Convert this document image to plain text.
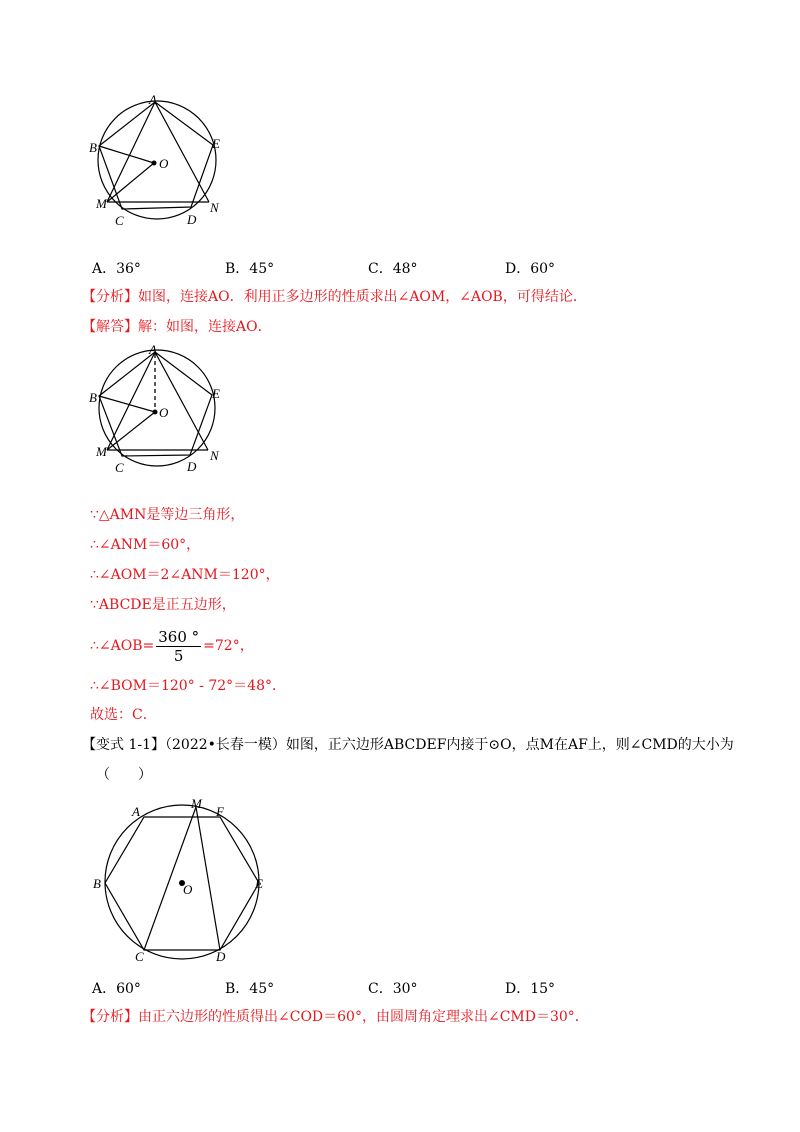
A
B
C	D
E
M	N
O
A．36°	B．45°	C．48°	D．60°
【分析】如图，连接AO．利用正多边形的性质求出∠AOM，∠AOB，可得结论．
【解答】解：如图，连接AO．
A
B
C	D
E
M	N
O
∵△AMN是等边三角形，
∴∠ANM＝60°，
∴∠AOM＝2∠ANM＝120°，
∵ABCDE是正五边形，
∴∠AOB= $\frac{360 ^\circ}{5} =72^\circ$，
∴∠BOM＝120° - 72°＝48°．
故选：C．
【变式 1-1】（2022•长春一模）如图，正六边形ABCDEF内接于⊙O，点M在AF上，则∠CMD的大小为
（　　）
A
M
F
B	O	E
C	D
A．60°	B．45°	C．30°	D．15°
【分析】由正六边形的性质得出∠COD＝60°，由圆周角定理求出∠CMD＝30°．
